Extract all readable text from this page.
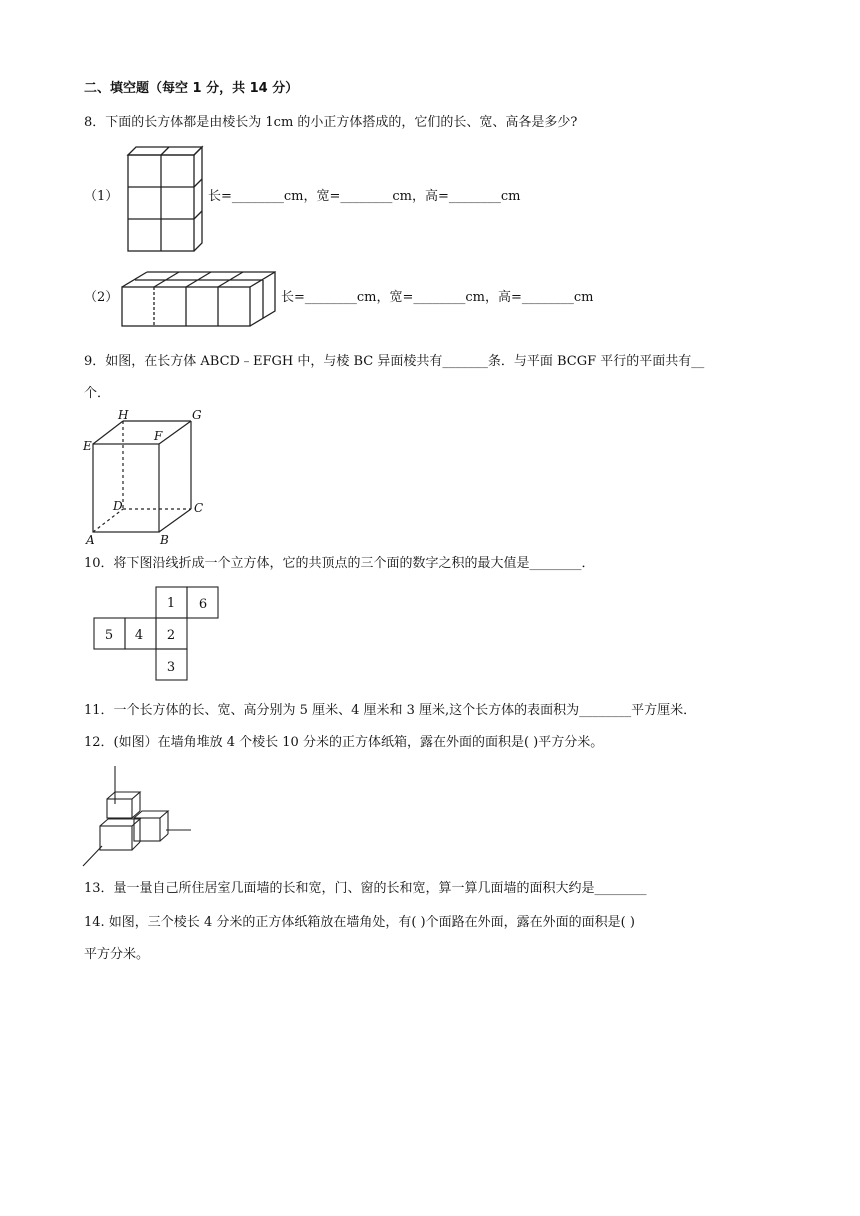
二、填空题（每空 1 分，共 14 分）
8．下面的长方体都是由棱长为 1cm 的小正方体搭成的，它们的长、宽、高各是多少?
（1）	长=________cm，宽=________cm，高=________cm
（2）	长=________cm，宽=________cm，高=________cm
9．如图，在长方体 ABCD﹣EFGH 中，与棱 BC 异面棱共有_______条．与平面 BCGF 平行的平面共有__
个．
H	G
E
F
D	C
A	B
10．将下图沿线折成一个立方体，它的共顶点的三个面的数字之积的最大值是________．
1 6
5 4 2
3
11．一个长方体的长、宽、高分别为 5 厘米、4 厘米和 3 厘米,这个长方体的表面积为________平方厘米．
12．(如图）在墙角堆放 4 个棱长 10 分米的正方体纸箱，露在外面的面积是( )平方分米。
13．量一量自己所住居室几面墙的长和宽，门、窗的长和宽，算一算几面墙的面积大约是________
14. 如图，三个棱长 4 分米的正方体纸箱放在墙角处，有( )个面路在外面，露在外面的面积是( )
平方分米。
